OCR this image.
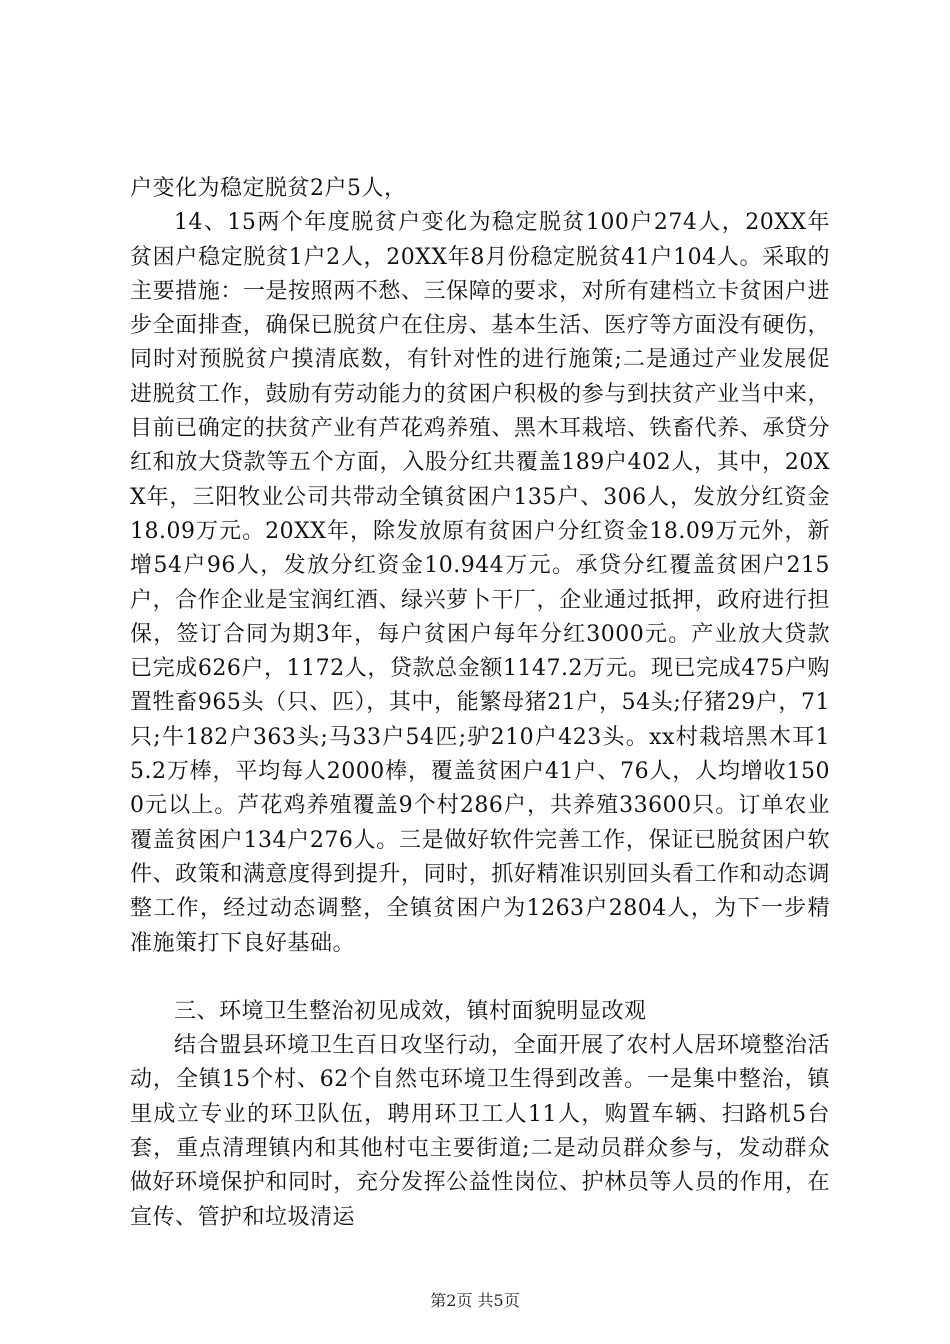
户变化为稳定脱贫2户5人，

14、15两个年度脱贫户变化为稳定脱贫100户274人，20XX年贫困户稳定脱贫1户2人，20XX年8月份稳定脱贫41户104人。采取的主要措施：一是按照两不愁、三保障的要求，对所有建档立卡贫困户进步全面排查，确保已脱贫户在住房、基本生活、医疗等方面没有硬伤，同时对预脱贫户摸清底数，有针对性的进行施策;二是通过产业发展促进脱贫工作，鼓励有劳动能力的贫困户积极的参与到扶贫产业当中来，目前已确定的扶贫产业有芦花鸡养殖、黑木耳栽培、铁畜代养、承贷分红和放大贷款等五个方面，入股分红共覆盖189户402人，其中，20XX年，三阳牧业公司共带动全镇贫困户135户、306人，发放分红资金18.09万元。20XX年，除发放原有贫困户分红资金18.09万元外，新增54户96人，发放分红资金10.944万元。承贷分红覆盖贫困户215户，合作企业是宝润红酒、绿兴萝卜干厂，企业通过抵押，政府进行担保，签订合同为期3年，每户贫困户每年分红3000元。产业放大贷款已完成626户，1172人，贷款总金额1147.2万元。现已完成475户购置牲畜965头（只、匹），其中，能繁母猪21户，54头;仔猪29户，71只;牛182户363头;马33户54匹;驴210户423头。xx村栽培黑木耳15.2万棒，平均每人2000棒，覆盖贫困户41户、76人，人均增收1500元以上。芦花鸡养殖覆盖9个村286户，共养殖33600只。订单农业覆盖贫困户134户276人。三是做好软件完善工作，保证已脱贫困户软件、政策和满意度得到提升，同时，抓好精准识别回头看工作和动态调整工作，经过动态调整，全镇贫困户为1263户2804人，为下一步精准施策打下良好基础。

三、环境卫生整治初见成效，镇村面貌明显改观

结合盟县环境卫生百日攻坚行动，全面开展了农村人居环境整治活动，全镇15个村、62个自然屯环境卫生得到改善。一是集中整治，镇里成立专业的环卫队伍，聘用环卫工人11人，购置车辆、扫路机5台套，重点清理镇内和其他村屯主要街道;二是动员群众参与，发动群众做好环境保护和同时，充分发挥公益性岗位、护林员等人员的作用，在宣传、管护和垃圾清运

第2页 共5页
